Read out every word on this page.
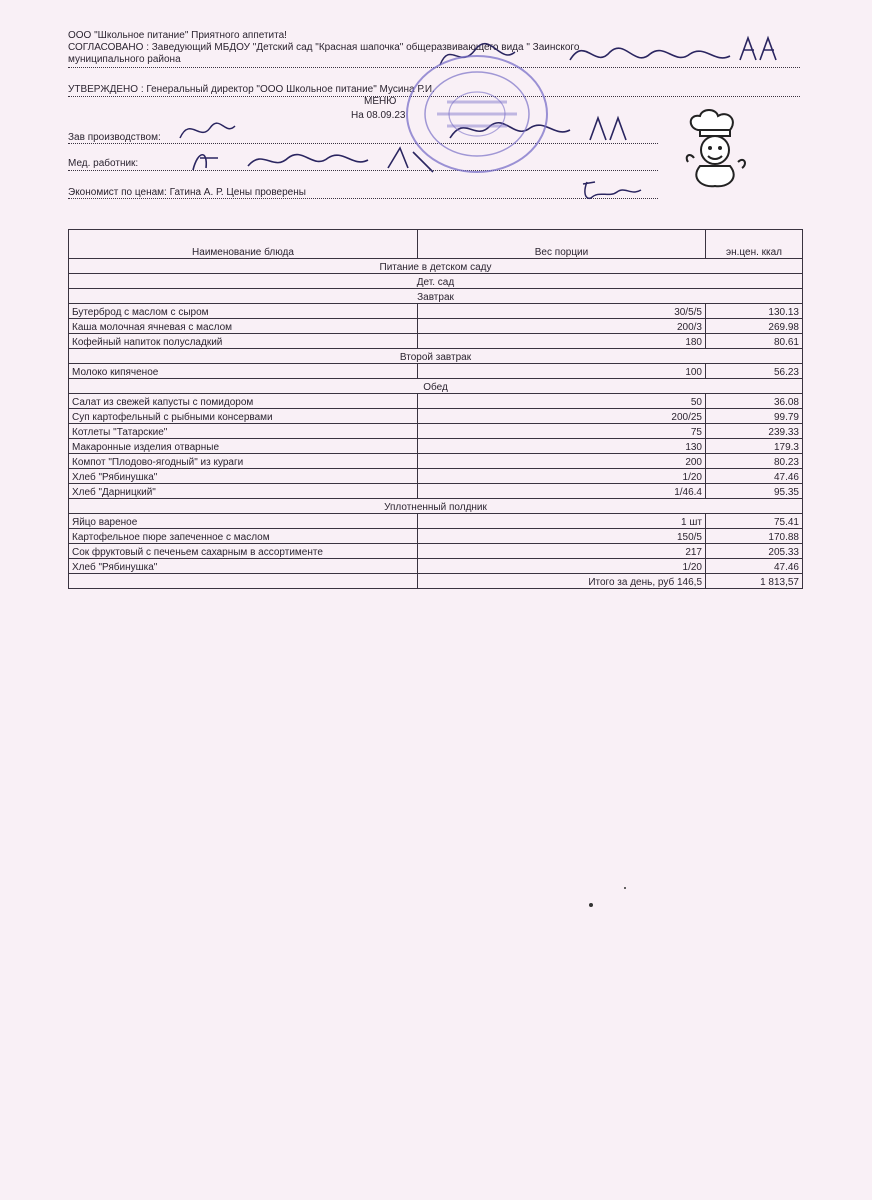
ООО "Школьное питание" Приятного аппетита!
СОГЛАСОВАНО : Заведующий МБДОУ "Детский сад "Красная шапочка" общеразвивающего вида " Заинского
муниципального района
УТВЕРЖДЕНО : Генеральный директор "ООО Школьное питание" Мусина Р.И.
МЕНЮ
На 08.09.23
Зав производством:
Мед. работник:
Экономист по ценам: Гатина А. Р. Цены проверены
Наименование блюда	Вес порции	эн.цен. ккал
Питание в детском саду		
Дет. сад		
Завтрак		
Бутерброд с маслом с сыром	30/5/5	130.13
Каша молочная ячневая с маслом	200/3	269.98
Кофейный напиток полусладкий	180	80.61
Второй завтрак		
Молоко кипяченое	100	56.23
Обед		
Салат из свежей капусты с помидором	50	36.08
Суп картофельный с рыбными консервами	200/25	99.79
Котлеты "Татарские"	75	239.33
Макаронные изделия отварные	130	179.3
Компот "Плодово-ягодный" из кураги	200	80.23
Хлеб "Рябинушка"	1/20	47.46
Хлеб "Дарницкий"	1/46.4	95.35
Уплотненный полдник		
Яйцо вареное	1 шт	75.41
Картофельное пюре запеченное с маслом	150/5	170.88
Сок фруктовый с печеньем сахарным в ассортименте	217	205.33
Хлеб "Рябинушка"	1/20	47.46
	Итого за день, руб 146,5	1 813,57
